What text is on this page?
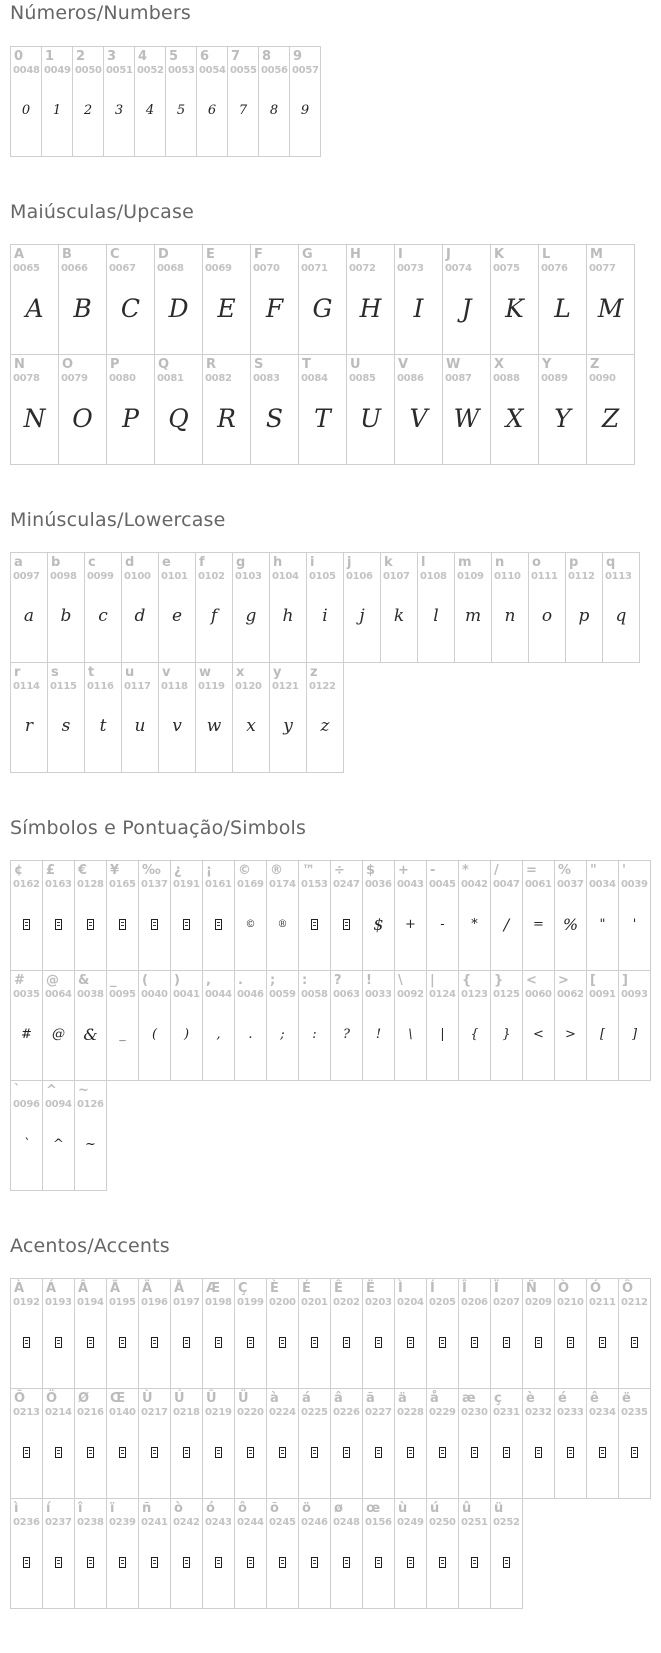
Números/Numbers
0
0048
0
1
0049
1
2
0050
2
3
0051
3
4
0052
4
5
0053
5
6
0054
6
7
0055
7
8
0056
8
9
0057
9
Maiúsculas/Upcase
A
0065
A
B
0066
B
C
0067
C
D
0068
D
E
0069
E
F
0070
F
G
0071
G
H
0072
H
I
0073
I
J
0074
J
K
0075
K
L
0076
L
M
0077
M
N
0078
N
O
0079
O
P
0080
P
Q
0081
Q
R
0082
R
S
0083
S
T
0084
T
U
0085
U
V
0086
V
W
0087
W
X
0088
X
Y
0089
Y
Z
0090
Z
Minúsculas/Lowercase
a
0097
a
b
0098
b
c
0099
c
d
0100
d
e
0101
e
f
0102
f
g
0103
g
h
0104
h
i
0105
i
j
0106
j
k
0107
k
l
0108
l
m
0109
m
n
0110
n
o
0111
o
p
0112
p
q
0113
q
r
0114
r
s
0115
s
t
0116
t
u
0117
u
v
0118
v
w
0119
w
x
0120
x
y
0121
y
z
0122
z
Símbolos e Pontuação/Simbols
¢
0162
£
0163
€
0128
¥
0165
‰
0137
¿
0191
¡
0161
©
0169
©
®
0174
®
™
0153
÷
0247
$
0036
$
+
0043
+
-
0045
-
*
0042
*
/
0047
/
=
0061
=
%
0037
%
"
0034
"
'
0039
'
#
0035
#
@
0064
@
&
0038
&
_
0095
_
(
0040
(
)
0041
)
,
0044
,
.
0046
.
;
0059
;
:
0058
:
?
0063
?
!
0033
!
\
0092
\
|
0124
|
{
0123
{
}
0125
}
<
0060
<
>
0062
>
[
0091
[
]
0093
]
`
0096
`
^
0094
^
~
0126
~
Acentos/Accents
À
0192
Á
0193
Â
0194
Ã
0195
Ä
0196
Å
0197
Æ
0198
Ç
0199
È
0200
É
0201
Ê
0202
Ë
0203
Ì
0204
Í
0205
Î
0206
Ï
0207
Ñ
0209
Ò
0210
Ó
0211
Ô
0212
Õ
0213
Ö
0214
Ø
0216
Œ
0140
Ù
0217
Ú
0218
Û
0219
Ü
0220
à
0224
á
0225
â
0226
ã
0227
ä
0228
å
0229
æ
0230
ç
0231
è
0232
é
0233
ê
0234
ë
0235
ì
0236
í
0237
î
0238
ï
0239
ñ
0241
ò
0242
ó
0243
ô
0244
õ
0245
ö
0246
ø
0248
œ
0156
ù
0249
ú
0250
û
0251
ü
0252
